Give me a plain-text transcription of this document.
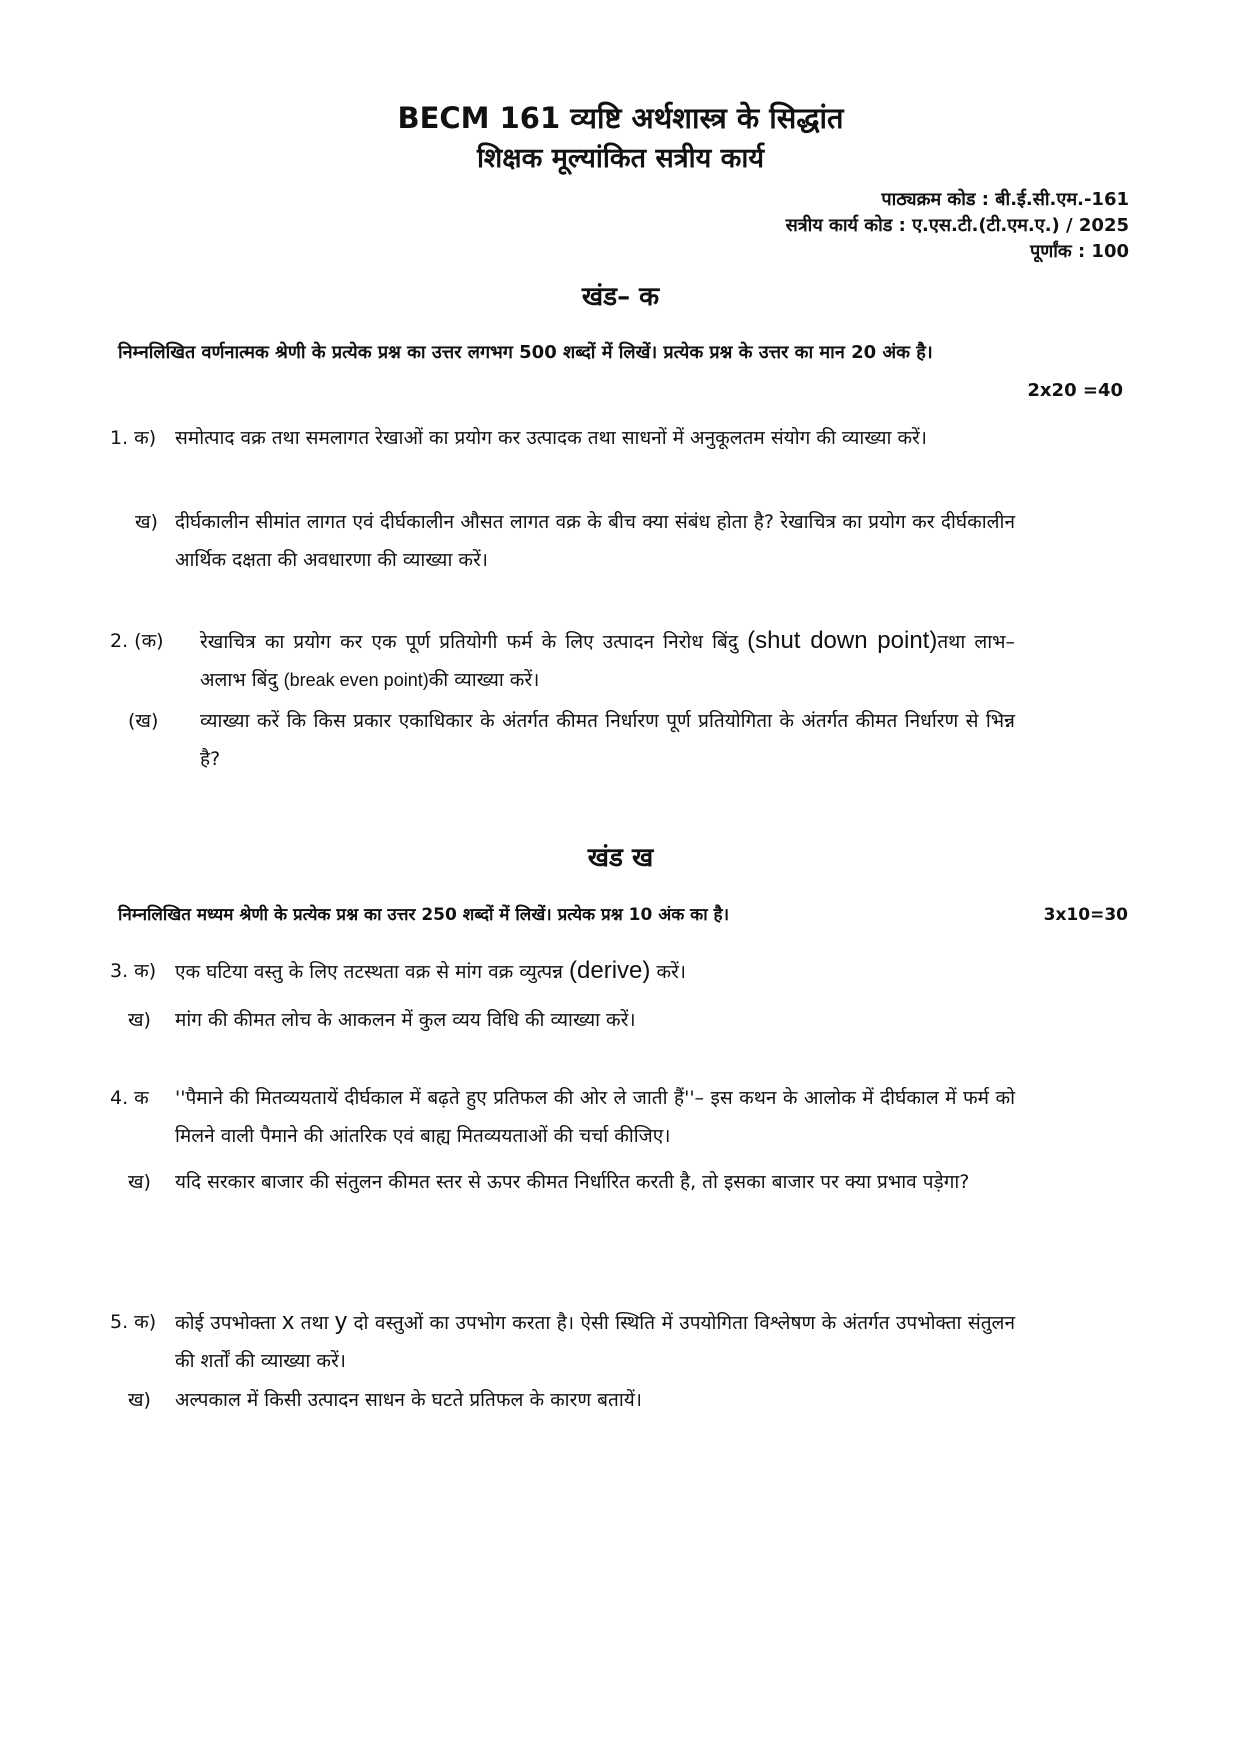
BECM 161 व्यष्टि अर्थशास्त्र के सिद्धांत
शिक्षक मूल्यांकित सत्रीय कार्य
पाठ्यक्रम कोड : बी.ई.सी.एम.-161
सत्रीय कार्य कोड : ए.एस.टी.(टी.एम.ए.) / 2025
पूर्णांक : 100
खंड– क
निम्नलिखित वर्णनात्मक श्रेणी के प्रत्येक प्रश्न का उत्तर लगभग 500 शब्दों में लिखें। प्रत्येक प्रश्न के उत्तर का मान 20 अंक है।
2x20 =40
1. क) समोत्पाद वक्र तथा समलागत रेखाओं का प्रयोग कर उत्पादक तथा साधनों में अनुकूलतम संयोग की व्याख्या करें।
ख) दीर्घकालीन सीमांत लागत एवं दीर्घकालीन औसत लागत वक्र के बीच क्या संबंध होता है? रेखाचित्र का प्रयोग कर दीर्घकालीन आर्थिक दक्षता की अवधारणा की व्याख्या करें।
2. (क) रेखाचित्र का प्रयोग कर एक पूर्ण प्रतियोगी फर्म के लिए उत्पादन निरोध बिंदु (shut down point)तथा लाभ– अलाभ बिंदु (break even point)की व्याख्या करें।
(ख) व्याख्या करें कि किस प्रकार एकाधिकार के अंतर्गत कीमत निर्धारण पूर्ण प्रतियोगिता के अंतर्गत कीमत निर्धारण से भिन्न है?
खंड ख
निम्नलिखित मध्यम श्रेणी के प्रत्येक प्रश्न का उत्तर 250 शब्दों में लिखें। प्रत्येक प्रश्न 10 अंक का है।	3x10=30
3. क) एक घटिया वस्तु के लिए तटस्थता वक्र से मांग वक्र व्युत्पन्न (derive) करें।
ख) मांग की कीमत लोच के आकलन में कुल व्यय विधि की व्याख्या करें।
4. क ''पैमाने की मितव्ययतायें दीर्घकाल में बढ़ते हुए प्रतिफल की ओर ले जाती हैं''– इस कथन के आलोक में दीर्घकाल में फर्म को मिलने वाली पैमाने की आंतरिक एवं बाह्य मितव्ययताओं की चर्चा कीजिए।
ख) यदि सरकार बाजार की संतुलन कीमत स्तर से ऊपर कीमत निर्धारित करती है, तो इसका बाजार पर क्या प्रभाव पड़ेगा?
5. क) कोई उपभोक्ता x तथा y दो वस्तुओं का उपभोग करता है। ऐसी स्थिति में उपयोगिता विश्लेषण के अंतर्गत उपभोक्ता संतुलन की शर्तों की व्याख्या करें।
ख) अल्पकाल में किसी उत्पादन साधन के घटते प्रतिफल के कारण बतायें।
